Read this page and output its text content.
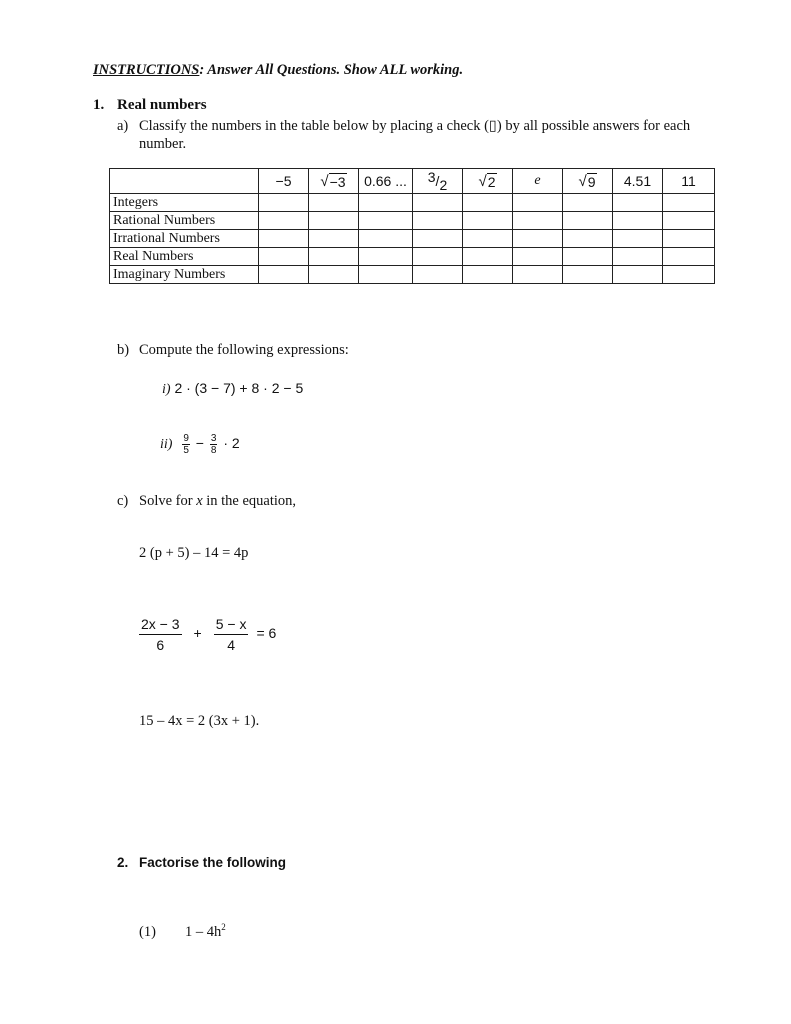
INSTRUCTIONS: Answer All Questions. Show ALL working.
1. Real numbers
a) Classify the numbers in the table below by placing a check (▯) by all possible answers for each number.
	−5	√ −3	0.66 ...	3/2	√ 2	e	√ 9	4.51	11
Integers									
Rational Numbers									
Irrational Numbers									
Real Numbers									
Imaginary Numbers									
b) Compute the following expressions:
i) 2 · (3 − 7) + 8 · 2 − 5
$ii) \frac{9}{5} - \frac{3}{8} \cdot 2$
c) Solve for x in the equation,
2 (p + 5) – 14 = 4p
$\frac{2x - 3}{6} + \frac{5 - x}{4} = 6$
15 – 4x = 2 (3x + 1).
2. Factorise the following
(1) $1 - 4h^2$
